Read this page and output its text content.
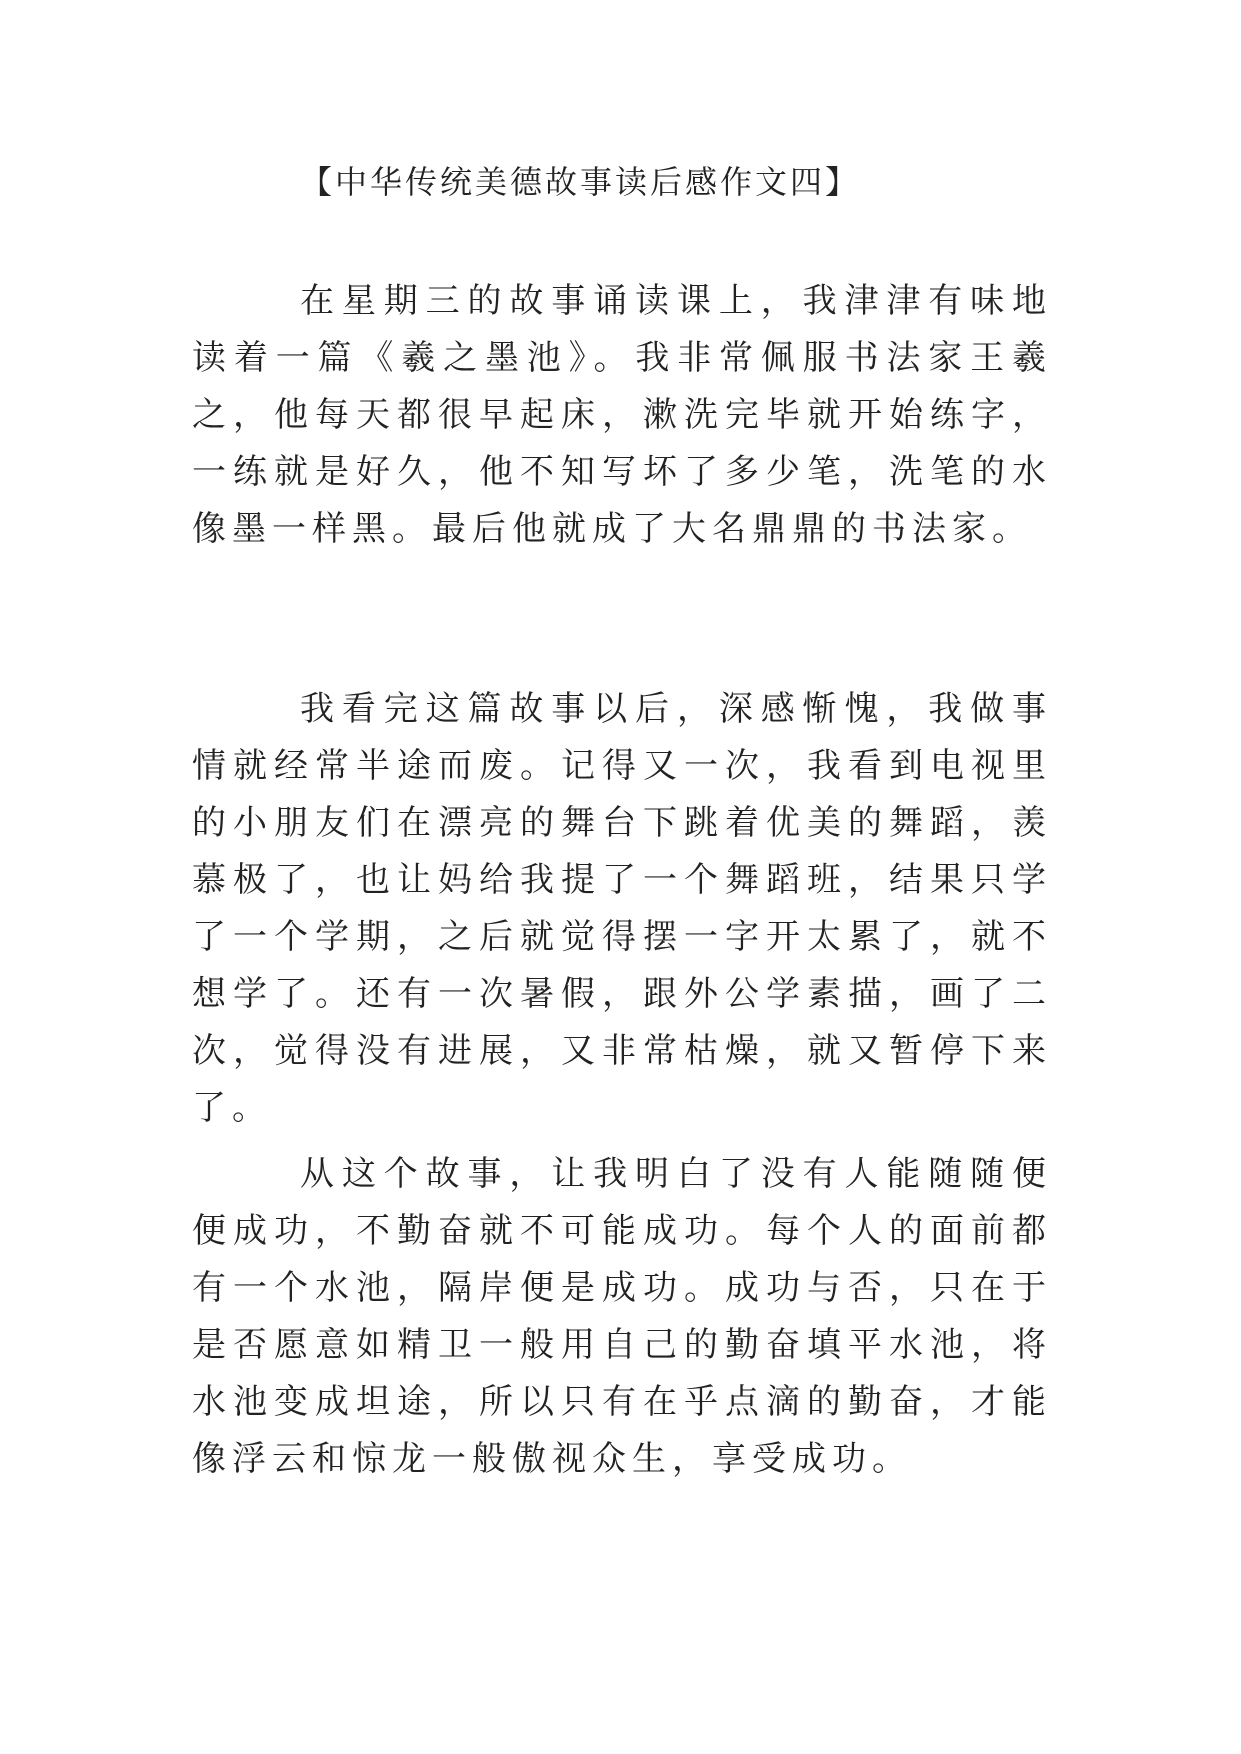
【中华传统美德故事读后感作文四】

在星期三的故事诵读课上，我津津有味地读着一篇《羲之墨池》。我非常佩服书法家王羲之，他每天都很早起床，漱洗完毕就开始练字，一练就是好久，他不知写坏了多少笔，洗笔的水像墨一样黑。最后他就成了大名鼎鼎的书法家。

我看完这篇故事以后，深感惭愧，我做事情就经常半途而废。记得又一次，我看到电视里的小朋友们在漂亮的舞台下跳着优美的舞蹈，羡慕极了，也让妈给我提了一个舞蹈班，结果只学了一个学期，之后就觉得摆一字开太累了，就不想学了。还有一次暑假，跟外公学素描，画了二次，觉得没有进展，又非常枯燥，就又暂停下来了。

从这个故事，让我明白了没有人能随随便便成功，不勤奋就不可能成功。每个人的面前都有一个水池，隔岸便是成功。成功与否，只在于是否愿意如精卫一般用自己的勤奋填平水池，将水池变成坦途，所以只有在乎点滴的勤奋，才能像浮云和惊龙一般傲视众生，享受成功。
